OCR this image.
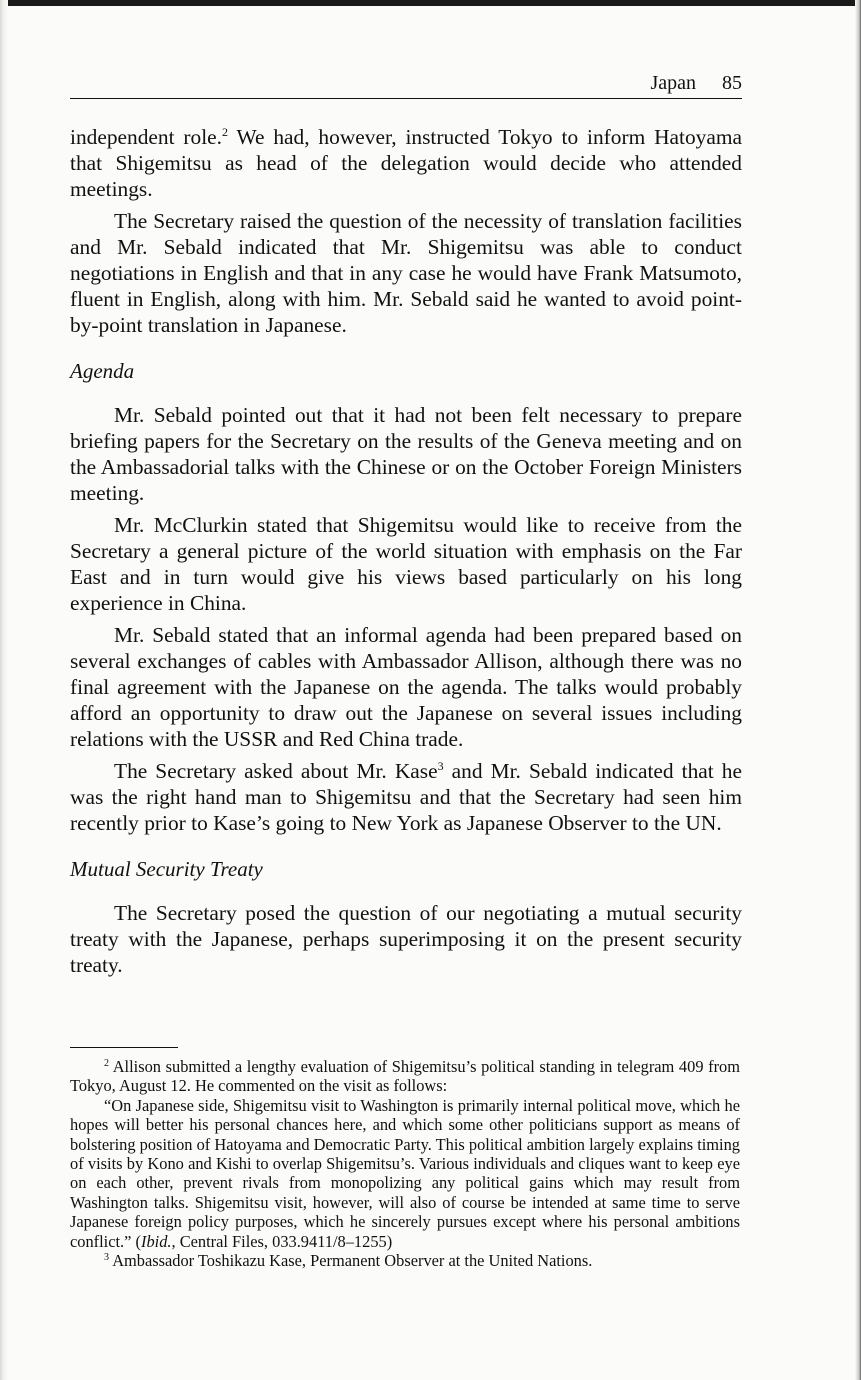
Japan 85

independent role.$^2$ We had, however, instructed Tokyo to inform Hatoyama that Shigemitsu as head of the delegation would decide who attended meetings.

The Secretary raised the question of the necessity of translation facilities and Mr. Sebald indicated that Mr. Shigemitsu was able to conduct negotiations in English and that in any case he would have Frank Matsumoto, fluent in English, along with him. Mr. Sebald said he wanted to avoid point-by-point translation in Japanese.

Agenda

Mr. Sebald pointed out that it had not been felt necessary to prepare briefing papers for the Secretary on the results of the Geneva meeting and on the Ambassadorial talks with the Chinese or on the October Foreign Ministers meeting.

Mr. McClurkin stated that Shigemitsu would like to receive from the Secretary a general picture of the world situation with emphasis on the Far East and in turn would give his views based particularly on his long experience in China.

Mr. Sebald stated that an informal agenda had been prepared based on several exchanges of cables with Ambassador Allison, although there was no final agreement with the Japanese on the agenda. The talks would probably afford an opportunity to draw out the Japanese on several issues including relations with the USSR and Red China trade.

The Secretary asked about Mr. Kase$^3$ and Mr. Sebald indicated that he was the right hand man to Shigemitsu and that the Secretary had seen him recently prior to Kase’s going to New York as Japanese Observer to the UN.

Mutual Security Treaty

The Secretary posed the question of our negotiating a mutual security treaty with the Japanese, perhaps superimposing it on the present security treaty.

$^2$ Allison submitted a lengthy evaluation of Shigemitsu’s political standing in telegram 409 from Tokyo, August 12. He commented on the visit as follows:

“On Japanese side, Shigemitsu visit to Washington is primarily internal political move, which he hopes will better his personal chances here, and which some other politicians support as means of bolstering position of Hatoyama and Democratic Party. This political ambition largely explains timing of visits by Kono and Kishi to overlap Shigemitsu’s. Various individuals and cliques want to keep eye on each other, prevent rivals from monopolizing any political gains which may result from Washington talks. Shigemitsu visit, however, will also of course be intended at same time to serve Japanese foreign policy purposes, which he sincerely pursues except where his personal ambitions conflict.” (Ibid., Central Files, 033.9411/8–1255)

$^3$ Ambassador Toshikazu Kase, Permanent Observer at the United Nations.
